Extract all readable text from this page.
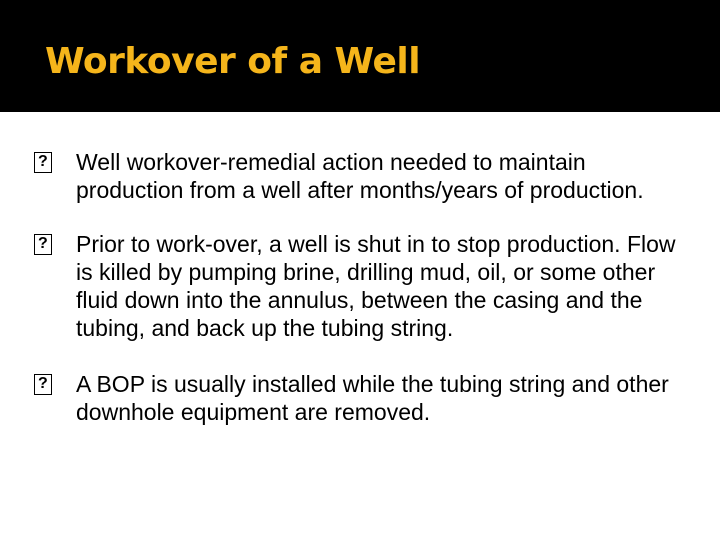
Workover of a Well

?
Well workover-remedial action needed to maintain production from a well after months/years of production.

?
Prior to work-over, a well is shut in to stop production. Flow is killed by pumping brine, drilling mud, oil, or some other fluid down into the annulus, between the casing and the tubing, and back up the tubing string.

?
A BOP is usually installed while the tubing string and other downhole equipment are removed.
